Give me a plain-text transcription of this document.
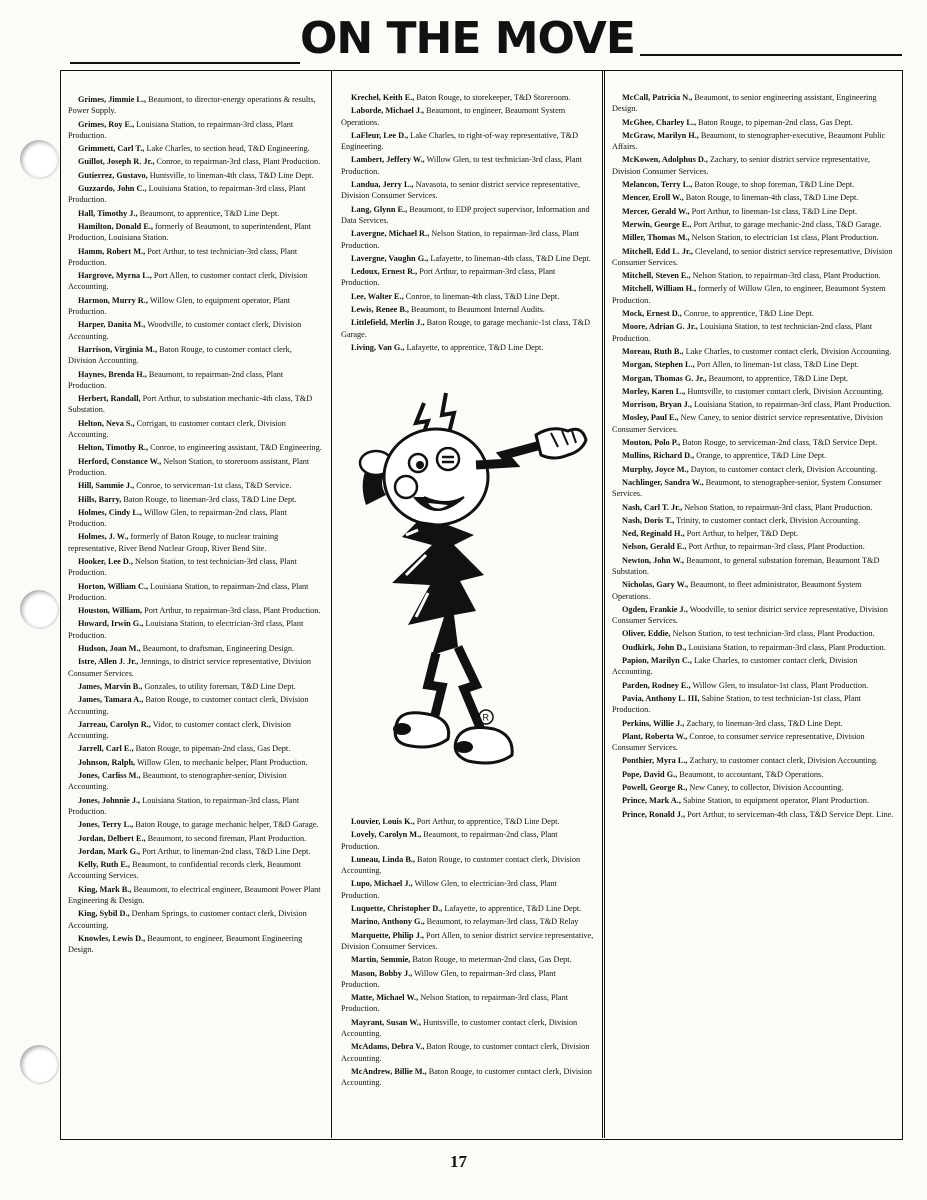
ON THE MOVE

Grimes, Jimmie L., Beaumont, to director-energy operations & results, Power Supply.

Grimes, Roy E., Louisiana Station, to repairman-3rd class, Plant Production.

Grimmett, Carl T., Lake Charles, to section head, T&D Engineering.

Guillot, Joseph R. Jr., Conroe, to repairman-3rd class, Plant Production.

Gutierrez, Gustavo, Huntsville, to lineman-4th class, T&D Line Dept.

Guzzardo, John C., Louisiana Station, to repairman-3rd class, Plant Production.

Hall, Timothy J., Beaumont, to apprentice, T&D Line Dept.

Hamilton, Donald E., formerly of Beaumont, to superintendent, Plant Production, Louisiana Station.

Hamm, Robert M., Port Arthur, to test technician-3rd class, Plant Production.

Hargrove, Myrna L., Port Allen, to customer contact clerk, Division Accounting.

Harmon, Murry R., Willow Glen, to equipment operator, Plant Production.

Harper, Danita M., Woodville, to customer contact clerk, Division Accounting.

Harrison, Virginia M., Baton Rouge, to customer contact clerk, Division Accounting.

Haynes, Brenda H., Beaumont, to repairman-2nd class, Plant Production.

Herbert, Randall, Port Arthur, to substation mechanic-4th class, T&D Substation.

Helton, Neva S., Corrigan, to customer contact clerk, Division Accounting.

Helton, Timothy R., Conroe, to engineering assistant, T&D Engineering.

Herford, Constance W., Nelson Station, to storeroom assistant, Plant Production.

Hill, Sammie J., Conroe, to serviceman-1st class, T&D Service.

Hills, Barry, Baton Rouge, to lineman-3rd class, T&D Line Dept.

Holmes, Cindy L., Willow Glen, to repairman-2nd class, Plant Production.

Holmes, J. W., formerly of Baton Rouge, to nuclear training representative, River Bend Nuclear Group, River Bend Site.

Hooker, Lee D., Nelson Station, to test technician-3rd class, Plant Production.

Horton, William C., Louisiana Station, to repairman-2nd class, Plant Production.

Houston, William, Port Arthur, to repairman-3rd class, Plant Production.

Howard, Irwin G., Louisiana Station, to electrician-3rd class, Plant Production.

Hudson, Joan M., Beaumont, to draftsman, Engineering Design.

Istre, Allen J. Jr., Jennings, to district service representative, Division Consumer Services.

James, Marvin B., Gonzales, to utility foreman, T&D Line Dept.

James, Tamara A., Baton Rouge, to customer contact clerk, Division Accounting.

Jarreau, Carolyn R., Vidor, to customer contact clerk, Division Accounting.

Jarrell, Carl E., Baton Rouge, to pipeman-2nd class, Gas Dept.

Johnson, Ralph, Willow Glen, to mechanic helper, Plant Production.

Jones, Carliss M., Beaumont, to stenographer-senior, Division Accounting.

Jones, Johnnie J., Louisiana Station, to repairman-3rd class, Plant Production.

Jones, Terry L., Baton Rouge, to garage mechanic helper, T&D Garage.

Jordan, Delbert E., Beaumont, to second fireman, Plant Production.

Jordan, Mark G., Port Arthur, to lineman-2nd class, T&D Line Dept.

Kelly, Ruth E., Beaumont, to confidential records clerk, Beaumont Accounting Services.

King, Mark B., Beaumont, to electrical engineer, Beaumont Power Plant Engineering & Design.

King, Sybil D., Denham Springs, to customer contact clerk, Division Accounting.

Knowles, Lewis D., Beaumont, to engineer, Beaumont Engineering Design.

Krechel, Keith E., Baton Rouge, to storekeeper, T&D Storeroom.

Laborde, Michael J., Beaumont, to engineer, Beaumont System Operations.

LaFleur, Lee D., Lake Charles, to right-of-way representative, T&D Engineering.

Lambert, Jeffery W., Willow Glen, to test technician-3rd class, Plant Production.

Landua, Jerry L., Navasota, to senior district service representative, Division Consumer Services.

Lang, Glynn E., Beaumont, to EDP project supervisor, Information and Data Services.

Lavergne, Michael R., Nelson Station, to repairman-3rd class, Plant Production.

Lavergne, Vaughn G., Lafayette, to lineman-4th class, T&D Line Dept.

Ledoux, Ernest R., Port Arthur, to repairman-3rd class, Plant Production.

Lee, Walter E., Conroe, to lineman-4th class, T&D Line Dept.

Lewis, Renee B., Beaumont, to Beaumont Internal Audits.

Littlefield, Merlin J., Baton Rouge, to garage mechanic-1st class, T&D Garage.

Living, Van G., Lafayette, to apprentice, T&D Line Dept.

Louvier, Louis K., Port Arthur, to apprentice, T&D Line Dept.

Lovely, Carolyn M., Beaumont, to repairman-2nd class, Plant Production.

Luneau, Linda B., Baton Rouge, to customer contact clerk, Division Accounting.

Lupo, Michael J., Willow Glen, to electrician-3rd class, Plant Production.

Luquette, Christopher D., Lafayette, to apprentice, T&D Line Dept.

Marino, Anthony G., Beaumont, to relayman-3rd class, T&D Relay

Marquette, Philip J., Port Allen, to senior district service representative, Division Consumer Services.

Martin, Semmie, Baton Rouge, to meterman-2nd class, Gas Dept.

Mason, Bobby J., Willow Glen, to repairman-3rd class, Plant Production.

Matte, Michael W., Nelson Station, to repairman-3rd class, Plant Production.

Mayrant, Susan W., Huntsville, to customer contact clerk, Division Accounting.

McAdams, Debra V., Baton Rouge, to customer contact clerk, Division Accounting.

McAndrew, Billie M., Baton Rouge, to customer contact clerk, Division Accounting.

McCall, Patricia N., Beaumont, to senior engineering assistant, Engineering Design.

McGhee, Charley L., Baton Rouge, to pipeman-2nd class, Gas Dept.

McGraw, Marilyn H., Beaumont, to stenographer-executive, Beaumont Public Affairs.

McKowen, Adolphus D., Zachary, to senior district service representative, Division Consumer Services.

Melancon, Terry L., Baton Rouge, to shop foreman, T&D Line Dept.

Mencer, Eroll W., Baton Rouge, to lineman-4th class, T&D Line Dept.

Mercer, Gerald W., Port Arthur, to lineman-1st class, T&D Line Dept.

Merwin, George E., Port Arthur, to garage mechanic-2nd class, T&D Garage.

Miller, Thomas M., Nelson Station, to electrician 1st class, Plant Production.

Mitchell, Edd L. Jr., Cleveland, to senior district service representative, Division Consumer Services.

Mitchell, Steven E., Nelson Station, to repairman-3rd class, Plant Production.

Mitchell, William H., formerly of Willow Glen, to engineer, Beaumont System Production.

Mock, Ernest D., Conroe, to apprentice, T&D Line Dept.

Moore, Adrian G. Jr., Louisiana Station, to test technician-2nd class, Plant Production.

Moreau, Ruth B., Lake Charles, to customer contact clerk, Division Accounting.

Morgan, Stephen L., Port Allen, to lineman-1st class, T&D Line Dept.

Morgan, Thomas G. Jr., Beaumont, to apprentice, T&D Line Dept.

Morley, Karen L., Huntsville, to customer contact clerk, Division Accounting.

Morrison, Bryan J., Louisiana Station, to repairman-3rd class, Plant Production.

Mosley, Paul E., New Caney, to senior district service representative, Division Consumer Services.

Mouton, Polo P., Baton Rouge, to serviceman-2nd class, T&D Service Dept.

Mullins, Richard D., Orange, to apprentice, T&D Line Dept.

Murphy, Joyce M., Dayton, to customer contact clerk, Division Accounting.

Nachlinger, Sandra W., Beaumont, to stenographer-senior, System Consumer Services.

Nash, Carl T. Jr., Nelson Station, to repairman-3rd class, Plant Production.

Nash, Doris T., Trinity, to customer contact clerk, Division Accounting.

Ned, Reginald H., Port Arthur, to helper, T&D Dept.

Nelson, Gerald E., Port Arthur, to repairman-3rd class, Plant Production.

Newton, John W., Beaumont, to general substation foreman, Beaumont T&D Substation.

Nicholas, Gary W., Beaumont, to fleet administrator, Beaumont System Operations.

Ogden, Frankie J., Woodville, to senior district service representative, Division Consumer Services.

Oliver, Eddie, Nelson Station, to test technician-3rd class, Plant Production.

Oudkirk, John D., Louisiana Station, to repairman-3rd class, Plant Production.

Papion, Marilyn C., Lake Charles, to customer contact clerk, Division Accounting.

Parden, Rodney E., Willow Glen, to insulator-1st class, Plant Production.

Pavia, Anthony L. III, Sabine Station, to test technician-1st class, Plant Production.

Perkins, Willie J., Zachary, to lineman-3rd class, T&D Line Dept.

Plant, Roberta W., Conroe, to consumer service representative, Division Consumer Services.

Ponthier, Myra L., Zachary, to customer contact clerk, Division Accounting.

Pope, David G., Beaumont, to accountant, T&D Operations.

Powell, George R., New Caney, to collector, Division Accounting.

Prince, Mark A., Sabine Station, to equipment operator, Plant Production.

Prince, Ronald J., Port Arthur, to serviceman-4th class, T&D Service Dept. Line.

R
17
